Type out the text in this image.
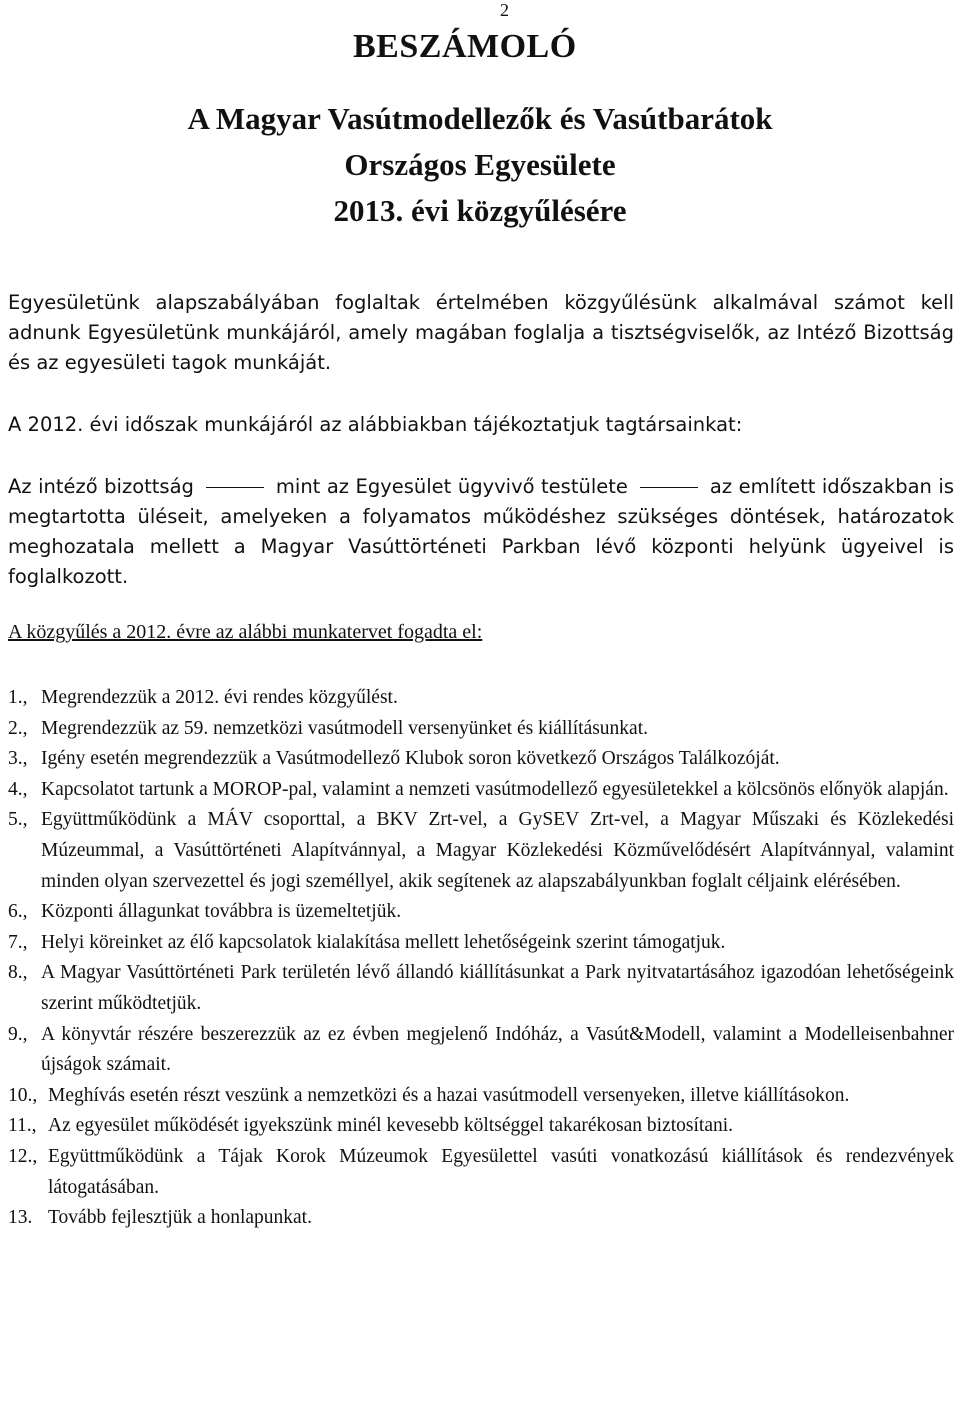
2
BESZÁMOLÓ
A Magyar Vasútmodellezők és Vasútbarátok
Országos Egyesülete
2013. évi közgyűlésére
Egyesületünk alapszabályában foglaltak értelmében közgyűlésünk alkalmával számot kell adnunk Egyesületünk munkájáról, amely magában foglalja a tisztségviselők, az Intéző Bizottság és az egyesületi tagok munkáját.
A 2012. évi időszak munkájáról az alábbiakban tájékoztatjuk tagtársainkat:
Az intéző bizottság	mint az Egyesület ügyvivő testülete	az említett időszakban is megtartotta üléseit, amelyeken a folyamatos működéshez szükséges döntések, határozatok meghozatala mellett a Magyar Vasúttörténeti Parkban lévő központi helyünk ügyeivel is foglalkozott.
A közgyűlés a 2012. évre az alábbi munkatervet fogadta el:
1., Megrendezzük a 2012. évi rendes közgyűlést.
2., Megrendezzük az 59. nemzetközi vasútmodell versenyünket és kiállításunkat.
3., Igény esetén megrendezzük a Vasútmodellező Klubok soron következő Országos Találkozóját.
4., Kapcsolatot tartunk a MOROP-pal, valamint a nemzeti vasútmodellező egyesületekkel a kölcsönös előnyök alapján.
5., Együttműködünk a MÁV csoporttal, a BKV Zrt-vel, a GySEV Zrt-vel, a Magyar Műszaki és Közlekedési Múzeummal, a Vasúttörténeti Alapítvánnyal, a Magyar Közlekedési Közművelődésért Alapítvánnyal, valamint minden olyan szervezettel és jogi személlyel, akik segítenek az alapszabályunkban foglalt céljaink elérésében.
6., Központi állagunkat továbbra is üzemeltetjük.
7., Helyi köreinket az élő kapcsolatok kialakítása mellett lehetőségeink szerint támogatjuk.
8., A Magyar Vasúttörténeti Park területén lévő állandó kiállításunkat a Park nyitvatartásához igazodóan lehetőségeink szerint működtetjük.
9., A könyvtár részére beszerezzük az ez évben megjelenő Indóház, a Vasút&Modell, valamint a Modelleisenbahner újságok számait.
10., Meghívás esetén részt veszünk a nemzetközi és a hazai vasútmodell versenyeken, illetve kiállításokon.
11., Az egyesület működését igyekszünk minél kevesebb költséggel takarékosan biztosítani.
12., Együttműködünk a Tájak Korok Múzeumok Egyesülettel vasúti vonatkozású kiállítások és rendezvények látogatásában.
13. Tovább fejlesztjük a honlapunkat.
